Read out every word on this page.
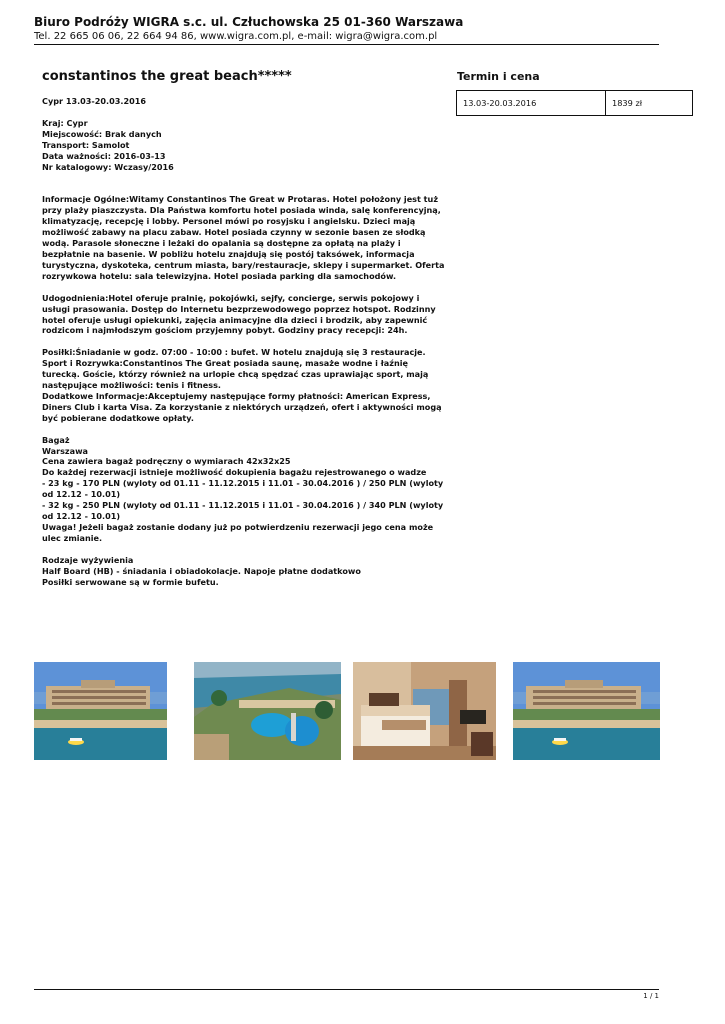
Biuro Podróży WIGRA s.c. ul. Człuchowska 25 01-360 Warszawa
Tel. 22 665 06 06, 22 664 94 86, www.wigra.com.pl, e-mail: wigra@wigra.com.pl
constantinos the great beach*****

Cypr 13.03-20.03.2016

Kraj: Cypr

Miejscowość: Brak danych

Transport: Samolot

Data ważności: 2016-03-13

Nr katalogowy: Wczasy/2016

Informacje Ogólne:Witamy Constantinos The Great w Protaras. Hotel położony jest tuż przy plaży piaszczysta. Dla Państwa komfortu hotel posiada winda, salę konferencyjną, klimatyzację, recepcję i lobby. Personel mówi po rosyjsku i angielsku. Dzieci mają możliwość zabawy na placu zabaw. Hotel posiada czynny w sezonie basen ze słodką wodą. Parasole słoneczne i leżaki do opalania są dostępne za opłatą na plaży i bezpłatnie na basenie. W pobliżu hotelu znajdują się postój taksówek, informacja turystyczna, dyskoteka, centrum miasta, bary/restauracje, sklepy i supermarket. Oferta rozrywkowa hotelu: sala telewizyjna. Hotel posiada parking dla samochodów.

Udogodnienia:Hotel oferuje pralnię, pokojówki, sejfy, concierge, serwis pokojowy i usługi prasowania. Dostęp do Internetu bezprzewodowego poprzez hotspot. Rodzinny hotel oferuje usługi opiekunki, zajęcia animacyjne dla dzieci i brodzik, aby zapewnić rodzicom i najmłodszym gościom przyjemny pobyt. Godziny pracy recepcji: 24h.

Posiłki:Śniadanie w godz. 07:00 - 10:00 : bufet. W hotelu znajdują się 3 restauracje.

Sport i Rozrywka:Constantinos The Great posiada saunę, masaże wodne i łaźnię turecką. Goście, którzy również na urlopie chcą spędzać czas uprawiając sport, mają następujące możliwości: tenis i fitness.

Dodatkowe Informacje:Akceptujemy następujące formy płatności: American Express, Diners Club i karta Visa. Za korzystanie z niektórych urządzeń, ofert i aktywności mogą być pobierane dodatkowe opłaty.

Bagaż

Warszawa

Cena zawiera bagaż podręczny o wymiarach 42x32x25

Do każdej rezerwacji istnieje możliwość dokupienia bagażu rejestrowanego o wadze

- 23 kg - 170 PLN (wyloty od 01.11 - 11.12.2015 i 11.01 - 30.04.2016 ) / 250 PLN (wyloty od 12.12 - 10.01)

- 32 kg - 250 PLN (wyloty od 01.11 - 11.12.2015 i 11.01 - 30.04.2016 ) / 340 PLN (wyloty od 12.12 - 10.01)

Uwaga! Jeżeli bagaż zostanie dodany już po potwierdzeniu rezerwacji jego cena może ulec zmianie.

Rodzaje wyżywienia

Half Board (HB) - śniadania i obiadokolacje. Napoje płatne dodatkowo

Posiłki serwowane są w formie bufetu.

Termin i cena
13.03-20.03.2016	1839 zł
1 / 1
